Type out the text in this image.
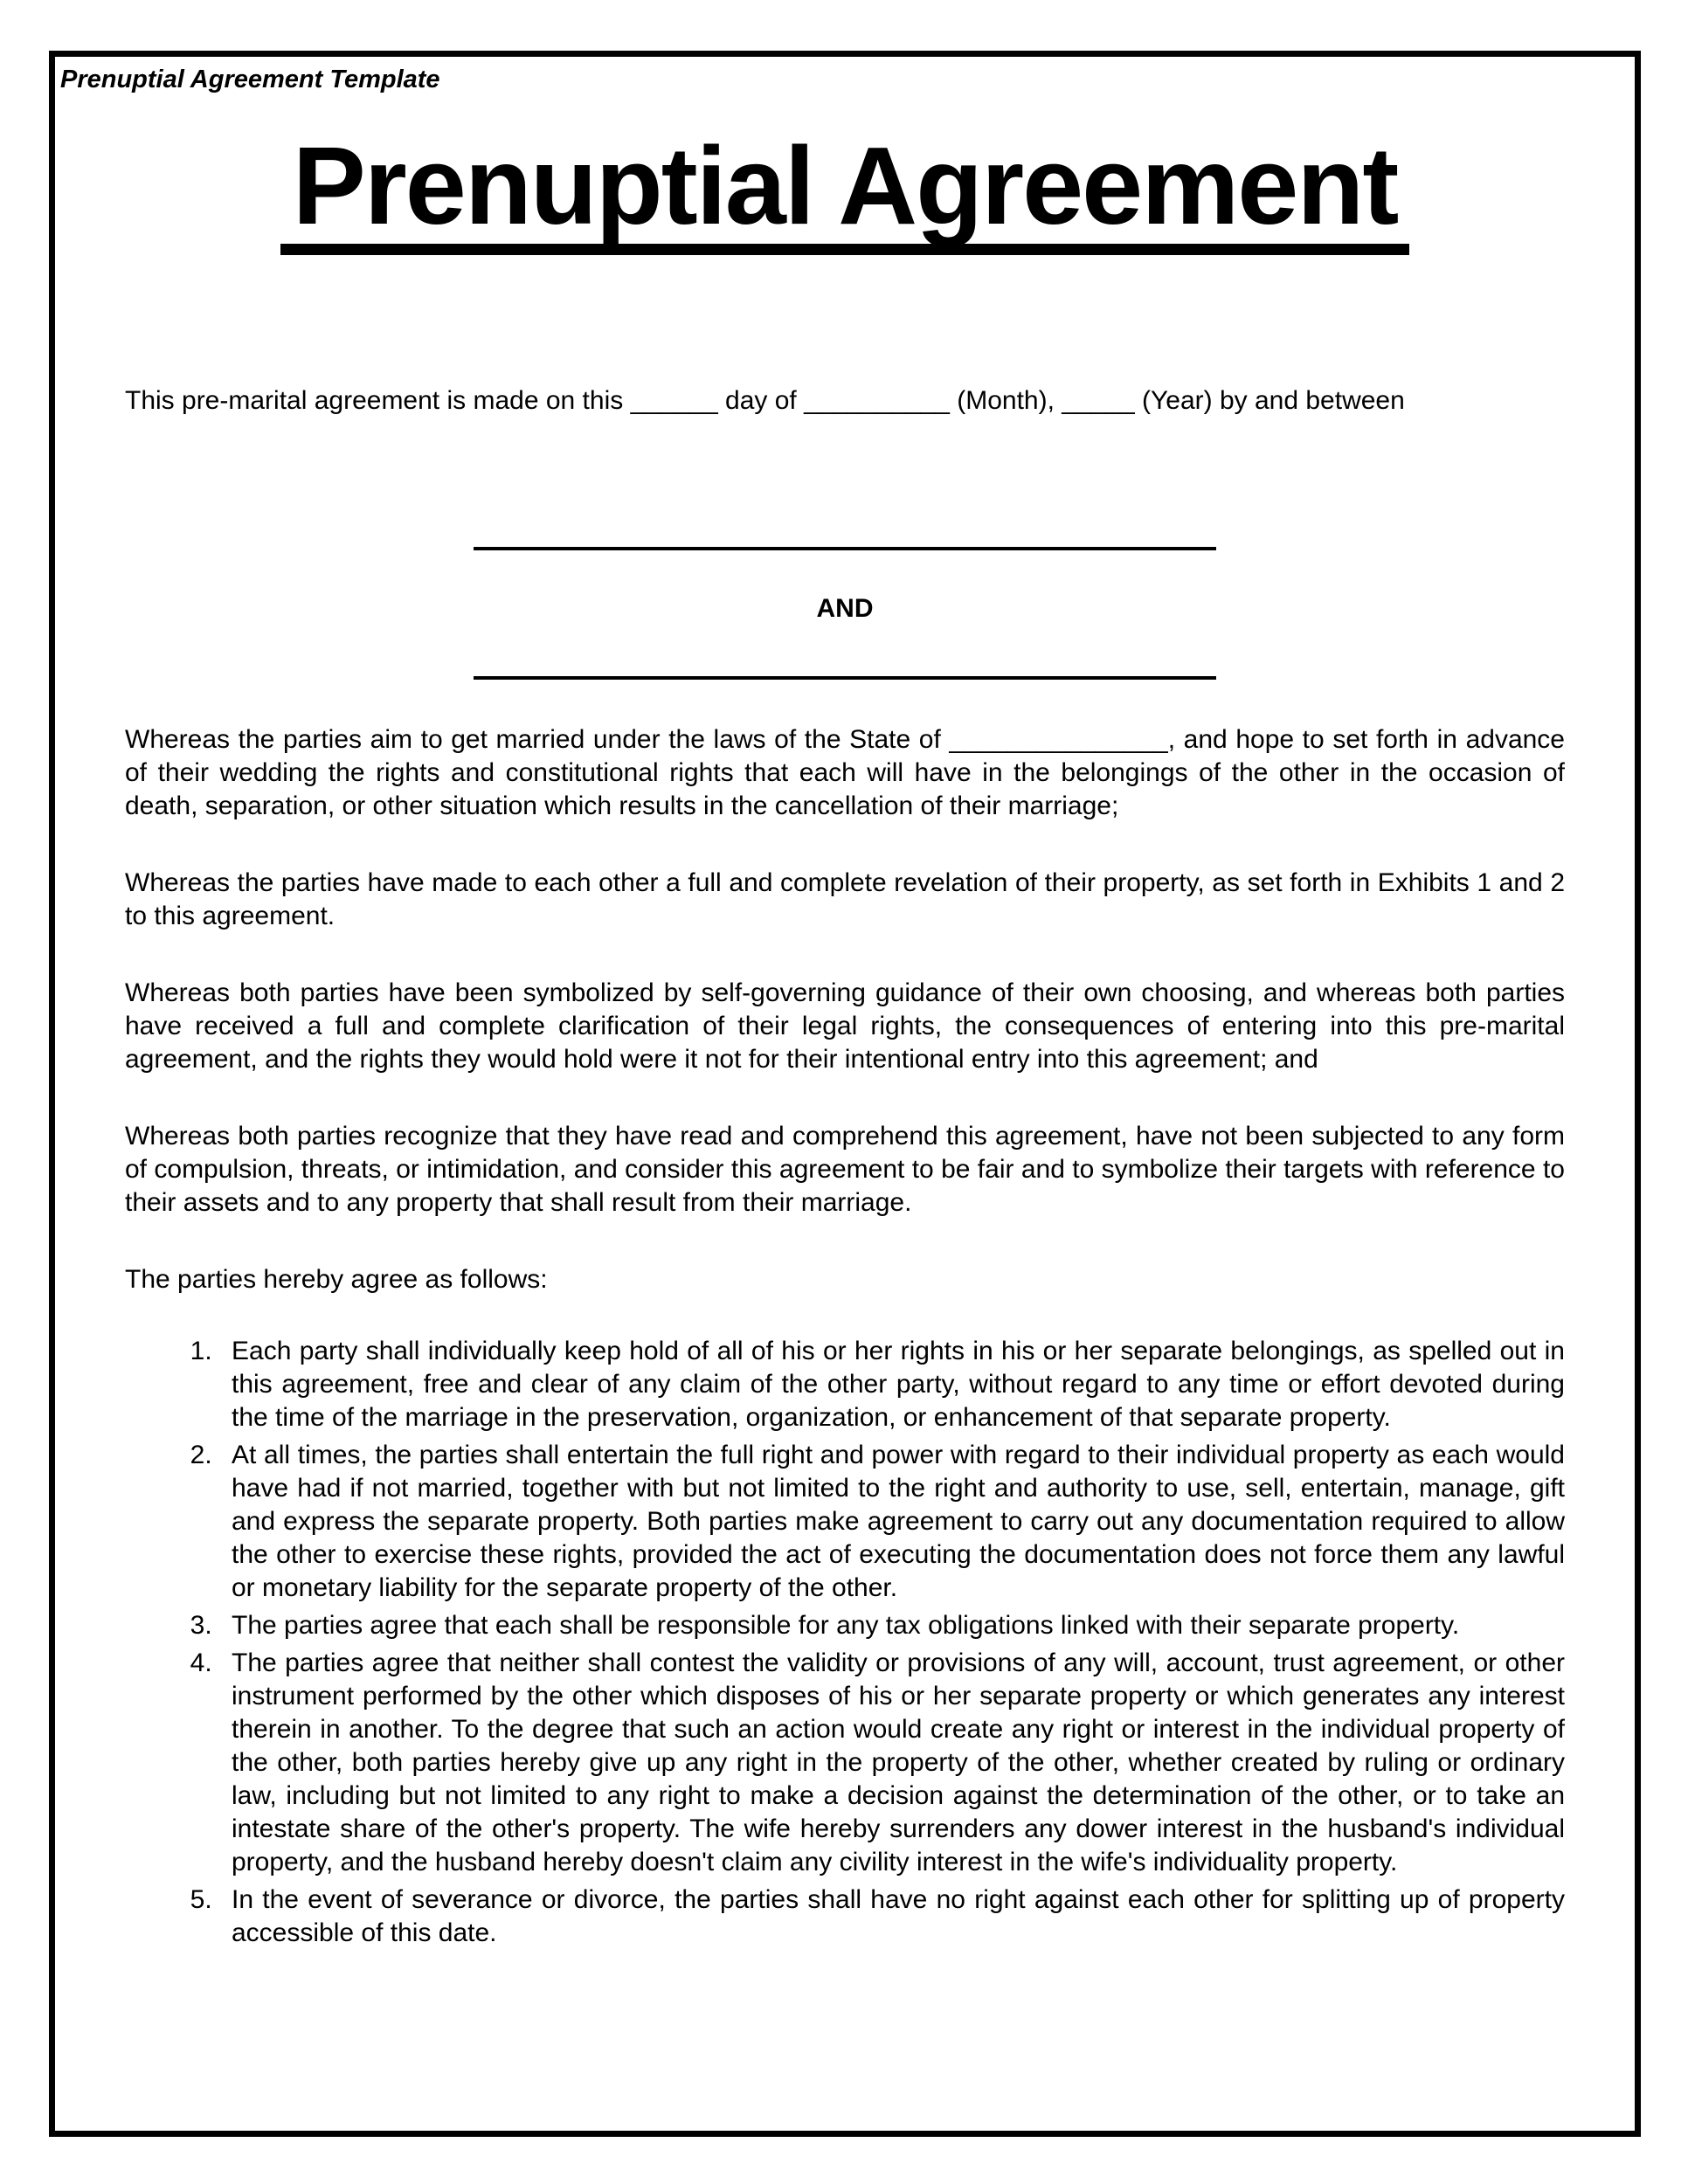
Prenuptial Agreement Template
Prenuptial Agreement

This pre-marital agreement is made on this ______ day of __________ (Month), _____ (Year) by and between

AND

Whereas the parties aim to get married under the laws of the State of _______________, and hope to set forth in advance of their wedding the rights and constitutional rights that each will have in the belongings of the other in the occasion of death, separation, or other situation which results in the cancellation of their marriage;

Whereas the parties have made to each other a full and complete revelation of their property, as set forth in Exhibits 1 and 2 to this agreement.

Whereas both parties have been symbolized by self-governing guidance of their own choosing, and whereas both parties have received a full and complete clarification of their legal rights, the consequences of entering into this pre-marital agreement, and the rights they would hold were it not for their intentional entry into this agreement; and

Whereas both parties recognize that they have read and comprehend this agreement, have not been subjected to any form of compulsion, threats, or intimidation, and consider this agreement to be fair and to symbolize their targets with reference to their assets and to any property that shall result from their marriage.

The parties hereby agree as follows:

1. Each party shall individually keep hold of all of his or her rights in his or her separate belongings, as spelled out in this agreement, free and clear of any claim of the other party, without regard to any time or effort devoted during the time of the marriage in the preservation, organization, or enhancement of that separate property.
2. At all times, the parties shall entertain the full right and power with regard to their individual property as each would have had if not married, together with but not limited to the right and authority to use, sell, entertain, manage, gift and express the separate property. Both parties make agreement to carry out any documentation required to allow the other to exercise these rights, provided the act of executing the documentation does not force them any lawful or monetary liability for the separate property of the other.
3. The parties agree that each shall be responsible for any tax obligations linked with their separate property.
4. The parties agree that neither shall contest the validity or provisions of any will, account, trust agreement, or other instrument performed by the other which disposes of his or her separate property or which generates any interest therein in another. To the degree that such an action would create any right or interest in the individual property of the other, both parties hereby give up any right in the property of the other, whether created by ruling or ordinary law, including but not limited to any right to make a decision against the determination of the other, or to take an intestate share of the other's property. The wife hereby surrenders any dower interest in the husband's individual property, and the husband hereby doesn't claim any civility interest in the wife's individuality property.
5. In the event of severance or divorce, the parties shall have no right against each other for splitting up of property accessible of this date.
